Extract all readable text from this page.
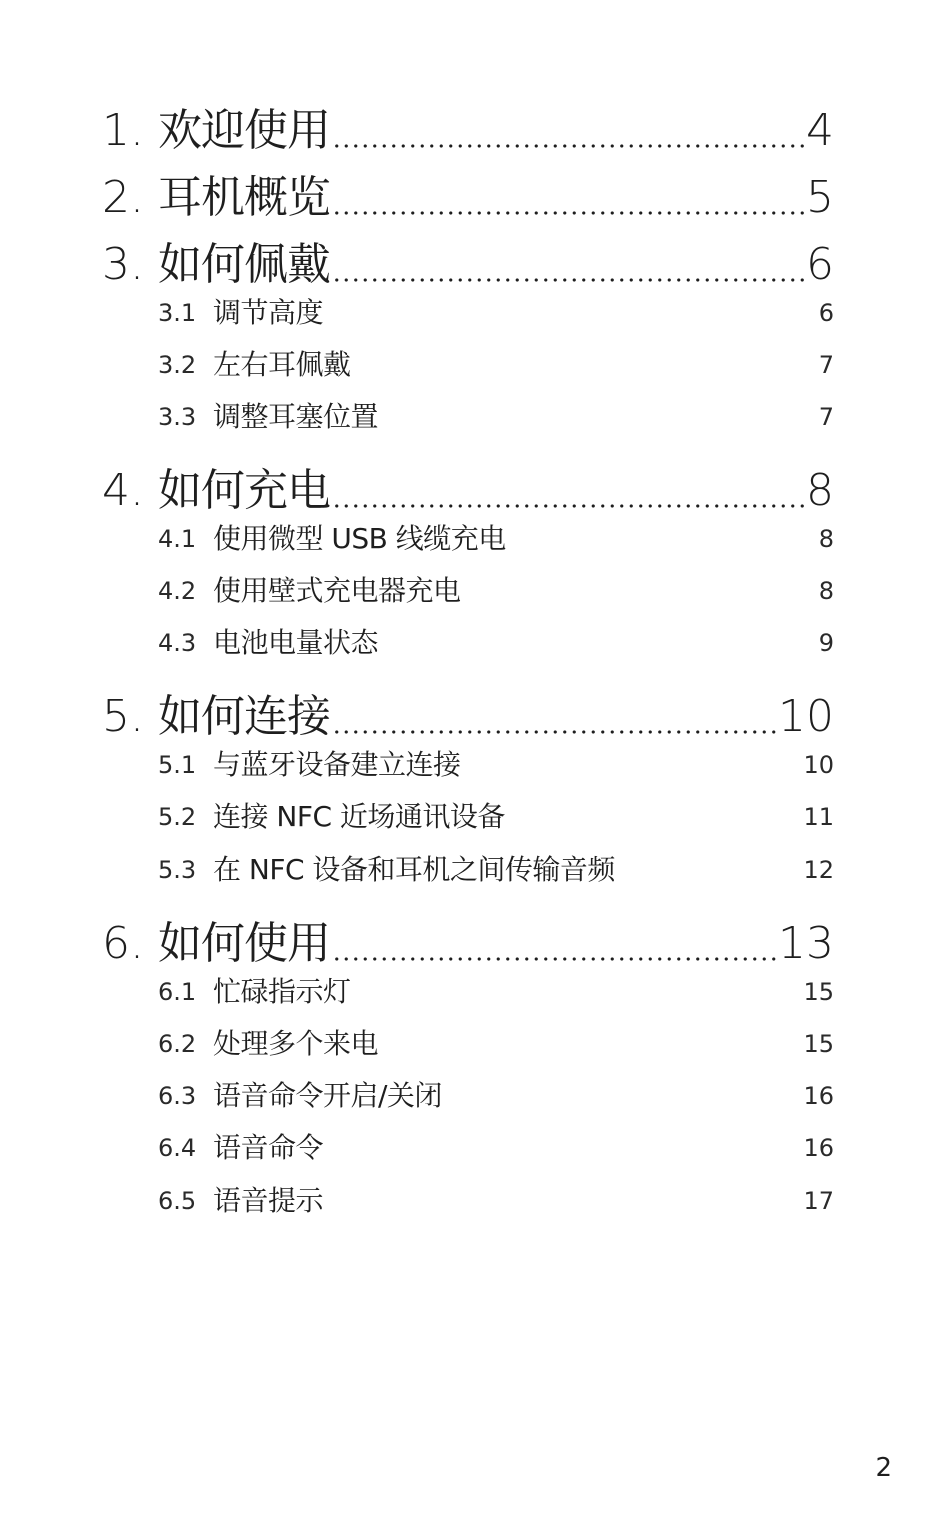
1. 欢迎使用	4
2. 耳机概览	5
3. 如何佩戴	6
3.1 调节高度	6
3.2 左右耳佩戴	7
3.3 调整耳塞位置	7
4. 如何充电	8
4.1 使用微型 USB 线缆充电	8
4.2 使用壁式充电器充电	8
4.3 电池电量状态	9
5. 如何连接	10
5.1 与蓝牙设备建立连接	10
5.2 连接 NFC 近场通讯设备	11
5.3 在 NFC 设备和耳机之间传输音频	12
6. 如何使用	13
6.1 忙碌指示灯	15
6.2 处理多个来电	15
6.3 语音命令开启/关闭	16
6.4 语音命令	16
6.5 语音提示	17
2
